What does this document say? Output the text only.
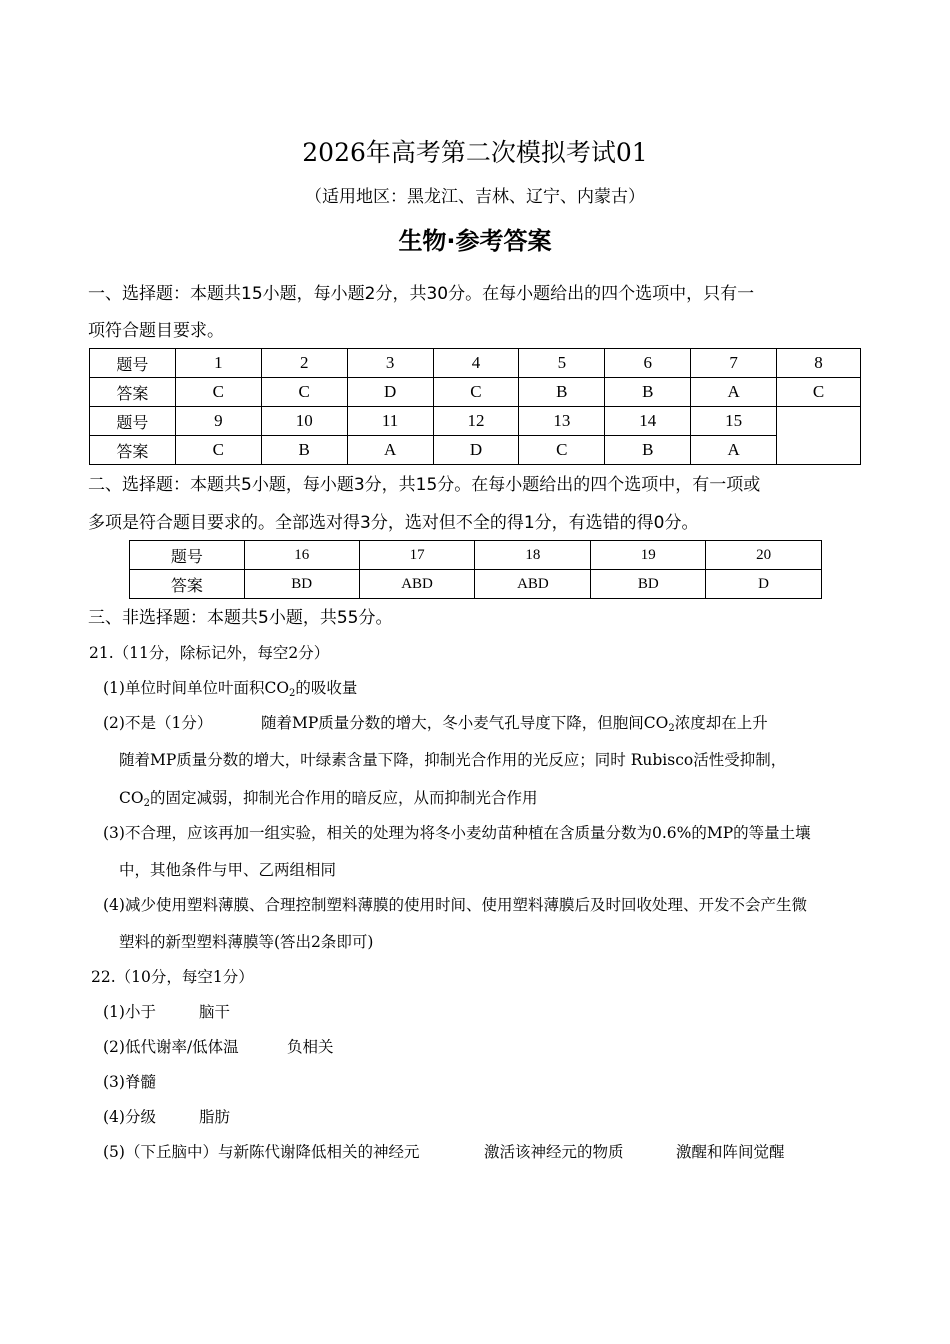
2026年高考第二次模拟考试01
（适用地区：黑龙江、吉林、辽宁、内蒙古）
生物·参考答案
一、选择题：本题共15小题，每小题2分，共30分。在每小题给出的四个选项中，只有一
项符合题目要求。
题号	1	2	3	4	5	6	7	8
答案	C	C	D	C	B	B	A	C
题号	9	10	11	12	13	14	15	
答案	C	B	A	D	C	B	A	
二、选择题：本题共5小题，每小题3分，共15分。在每小题给出的四个选项中，有一项或
多项是符合题目要求的。全部选对得3分，选对但不全的得1分，有选错的得0分。
题号	16	17	18	19	20
答案	BD	ABD	ABD	BD	D
三、非选择题：本题共5小题，共55分。
21.（11分，除标记外，每空2分）
(1)单位时间单位叶面积$CO_2$的吸收量
(2)不是（1分）	随着MP质量分数的增大，冬小麦气孔导度下降，但胞间$CO_2$浓度却在上升
随着MP质量分数的增大，叶绿素含量下降，抑制光合作用的光反应；同时 Rubisco活性受抑制，
$CO_2$的固定减弱，抑制光合作用的暗反应，从而抑制光合作用
(3)不合理，应该再加一组实验，相关的处理为将冬小麦幼苗种植在含质量分数为0.6%的MP的等量土壤
中，其他条件与甲、乙两组相同
(4)减少使用塑料薄膜、合理控制塑料薄膜的使用时间、使用塑料薄膜后及时回收处理、开发不会产生微
塑料的新型塑料薄膜等(答出2条即可)
22.（10分，每空1分）
(1)小于	脑干
(2)低代谢率/低体温	负相关
(3)脊髓
(4)分级	脂肪
(5)（下丘脑中）与新陈代谢降低相关的神经元	激活该神经元的物质	激醒和阵间觉醒
